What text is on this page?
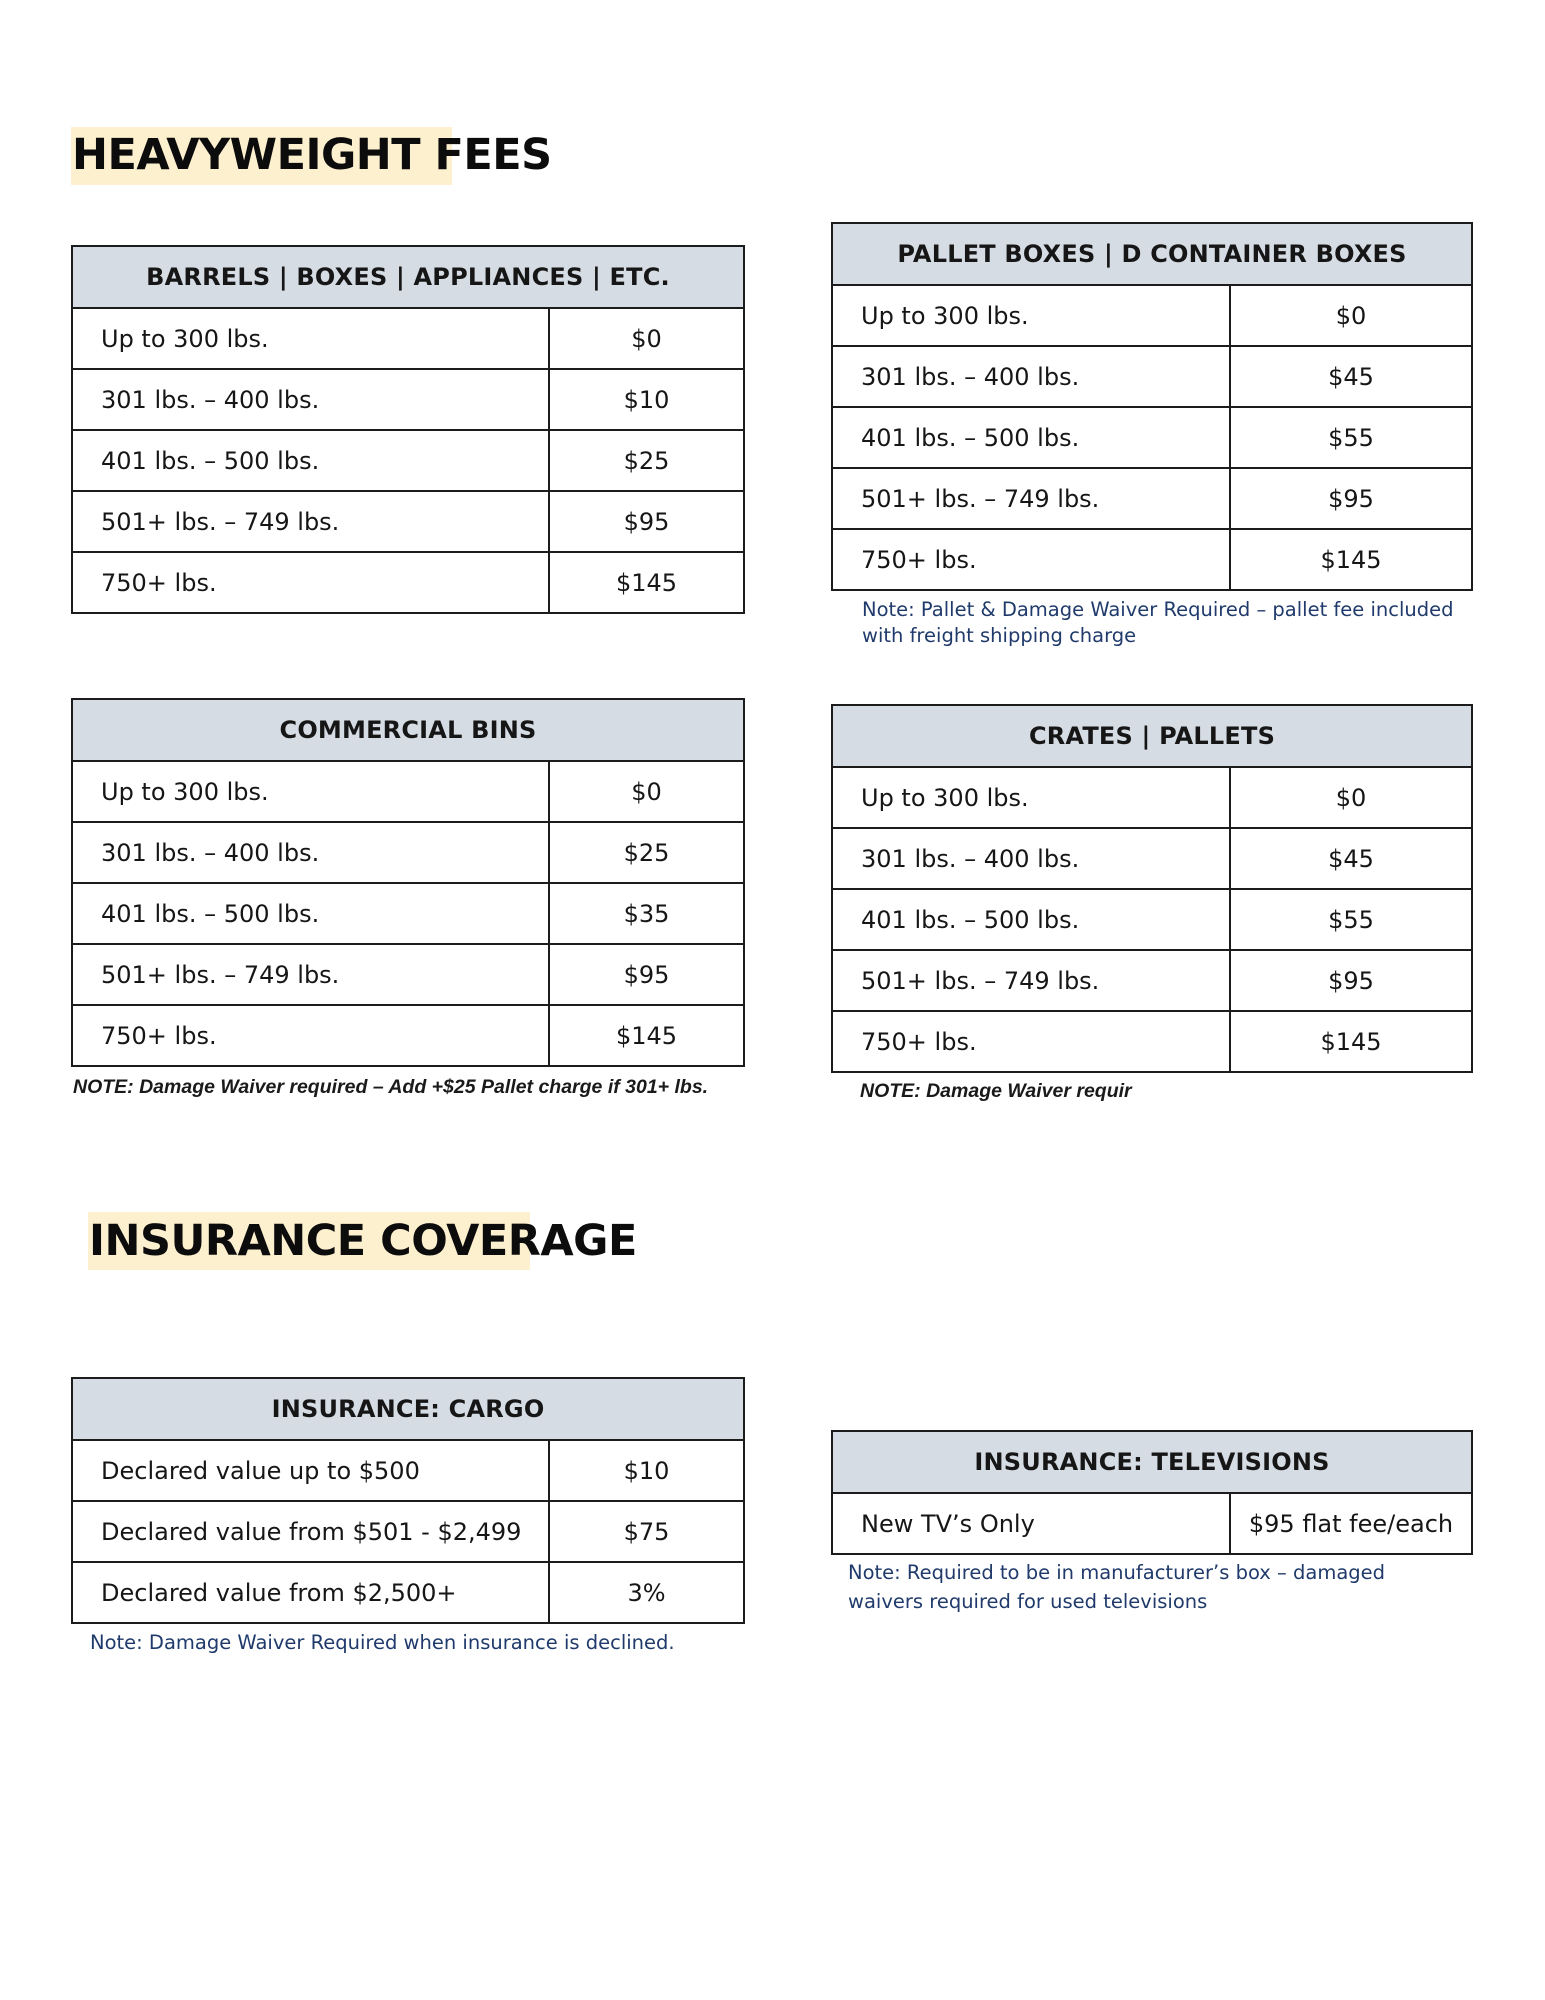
HEAVYWEIGHT FEES
INSURANCE COVERAGE
BARRELS | BOXES | APPLIANCES | ETC.	
Up to 300 lbs.	$0
301 lbs. – 400 lbs.	$10
401 lbs. – 500 lbs.	$25
501+ lbs. – 749 lbs.	$95
750+ lbs.	$145
PALLET BOXES | D CONTAINER BOXES	
Up to 300 lbs.	$0
301 lbs. – 400 lbs.	$45
401 lbs. – 500 lbs.	$55
501+ lbs. – 749 lbs.	$95
750+ lbs.	$145

Note: Pallet & Damage Waiver Required – pallet fee included with freight shipping charge

COMMERCIAL BINS	
Up to 300 lbs.	$0
301 lbs. – 400 lbs.	$25
401 lbs. – 500 lbs.	$35
501+ lbs. – 749 lbs.	$95
750+ lbs.	$145

NOTE: Damage Waiver required – Add +$25 Pallet charge if 301+ lbs.

CRATES | PALLETS	
Up to 300 lbs.	$0
301 lbs. – 400 lbs.	$45
401 lbs. – 500 lbs.	$55
501+ lbs. – 749 lbs.	$95
750+ lbs.	$145

NOTE: Damage Waiver requir

INSURANCE: CARGO	
Declared value up to $500	$10
Declared value from $501 - $2,499	$75
Declared value from $2,500+	3%

Note: Damage Waiver Required when insurance is declined.

INSURANCE: TELEVISIONS
New TV’s Only	$95 flat fee/each

Note: Required to be in manufacturer’s box – damaged waivers required for used televisions
